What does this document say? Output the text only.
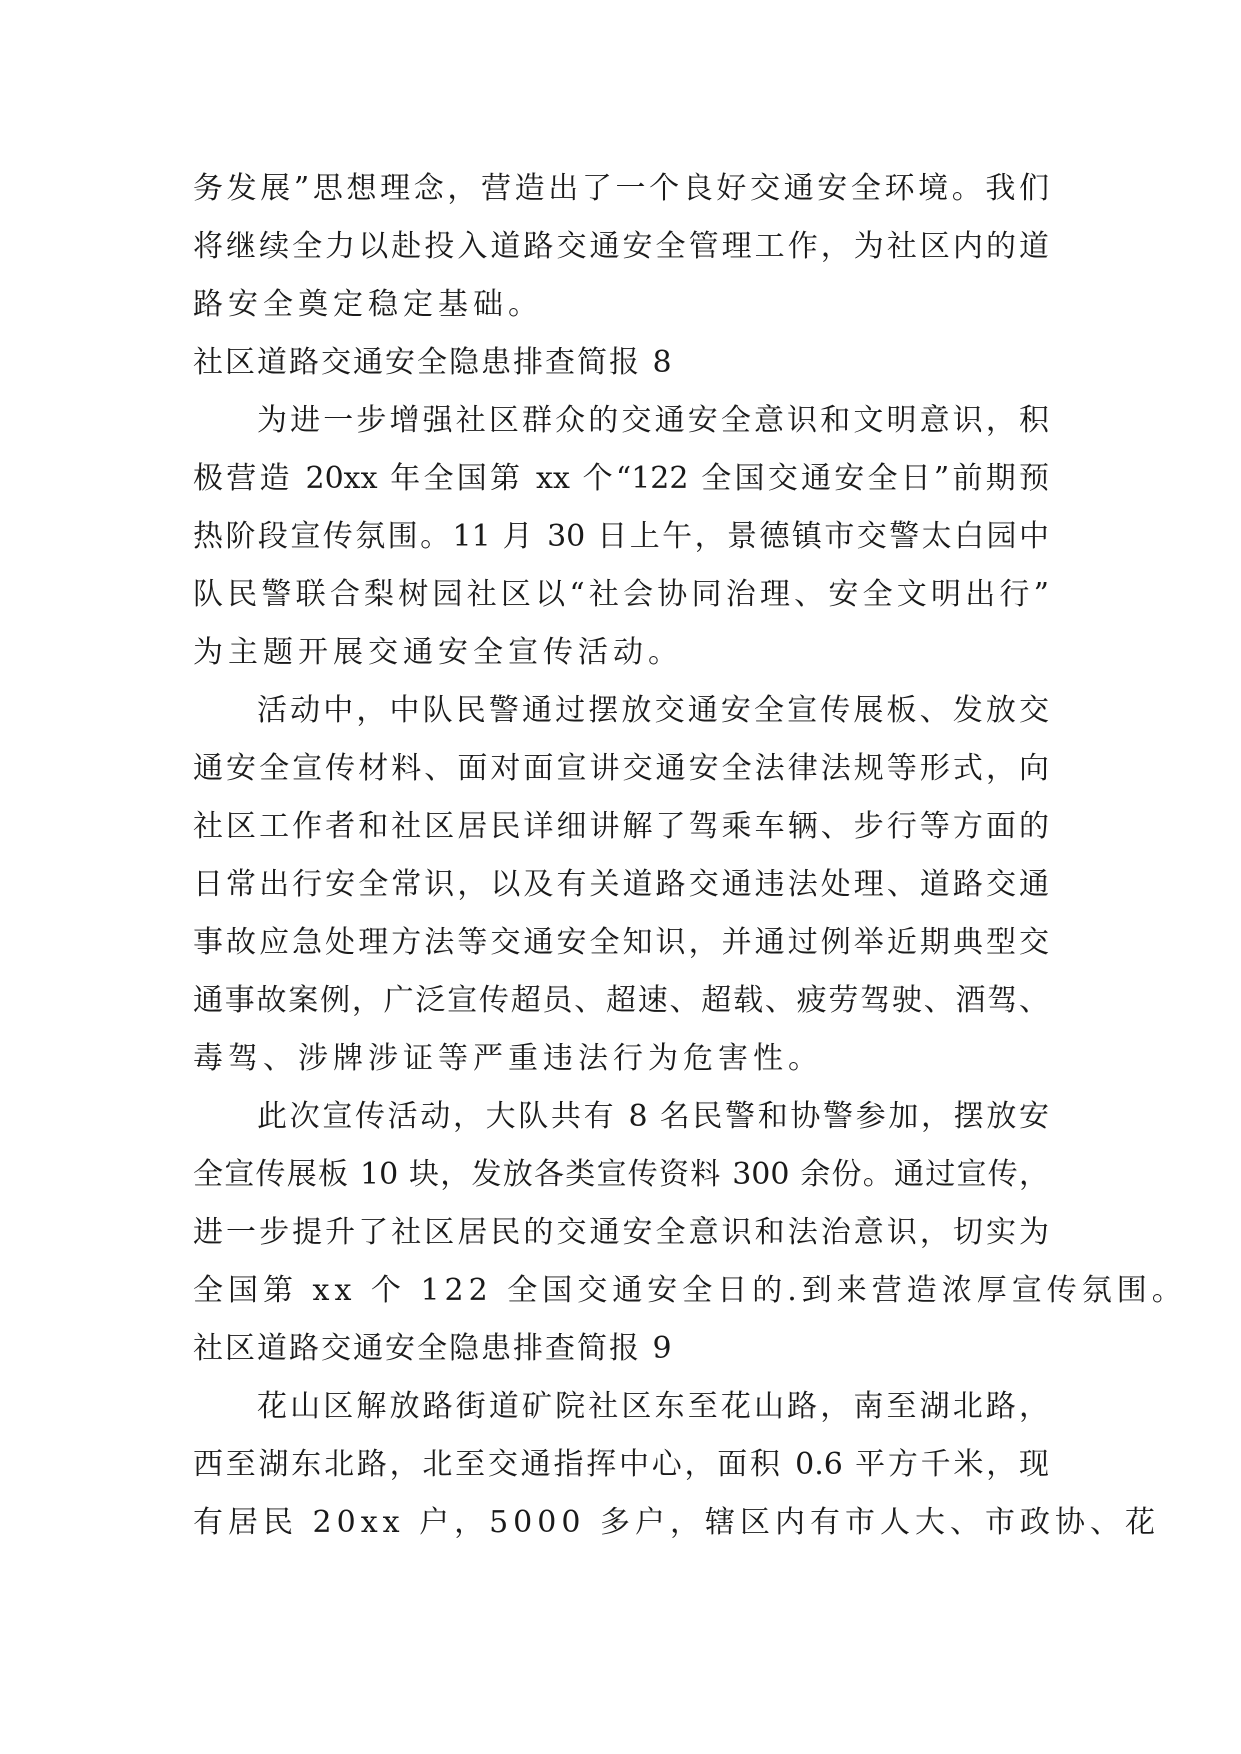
务发展”思想理念，营造出了一个良好交通安全环境。我们
将继续全力以赴投入道路交通安全管理工作，为社区内的道
路安全奠定稳定基础。
社区道路交通安全隐患排查简报 8
为进一步增强社区群众的交通安全意识和文明意识，积
极营造 20xx 年全国第 xx 个“122 全国交通安全日”前期预
热阶段宣传氛围。11 月 30 日上午，景德镇市交警太白园中
队民警联合梨树园社区以“社会协同治理、安全文明出行”
为主题开展交通安全宣传活动。
活动中，中队民警通过摆放交通安全宣传展板、发放交
通安全宣传材料、面对面宣讲交通安全法律法规等形式，向
社区工作者和社区居民详细讲解了驾乘车辆、步行等方面的
日常出行安全常识，以及有关道路交通违法处理、道路交通
事故应急处理方法等交通安全知识，并通过例举近期典型交
通事故案例，广泛宣传超员、超速、超载、疲劳驾驶、酒驾、
毒驾、涉牌涉证等严重违法行为危害性。
此次宣传活动，大队共有 8 名民警和协警参加，摆放安
全宣传展板 10 块，发放各类宣传资料 300 余份。通过宣传，
进一步提升了社区居民的交通安全意识和法治意识，切实为
全国第 xx 个 122 全国交通安全日的.到来营造浓厚宣传氛围。
社区道路交通安全隐患排查简报 9
花山区解放路街道矿院社区东至花山路，南至湖北路，
西至湖东北路，北至交通指挥中心，面积 0.6 平方千米，现
有居民 20xx 户，5000 多户，辖区内有市人大、市政协、花
